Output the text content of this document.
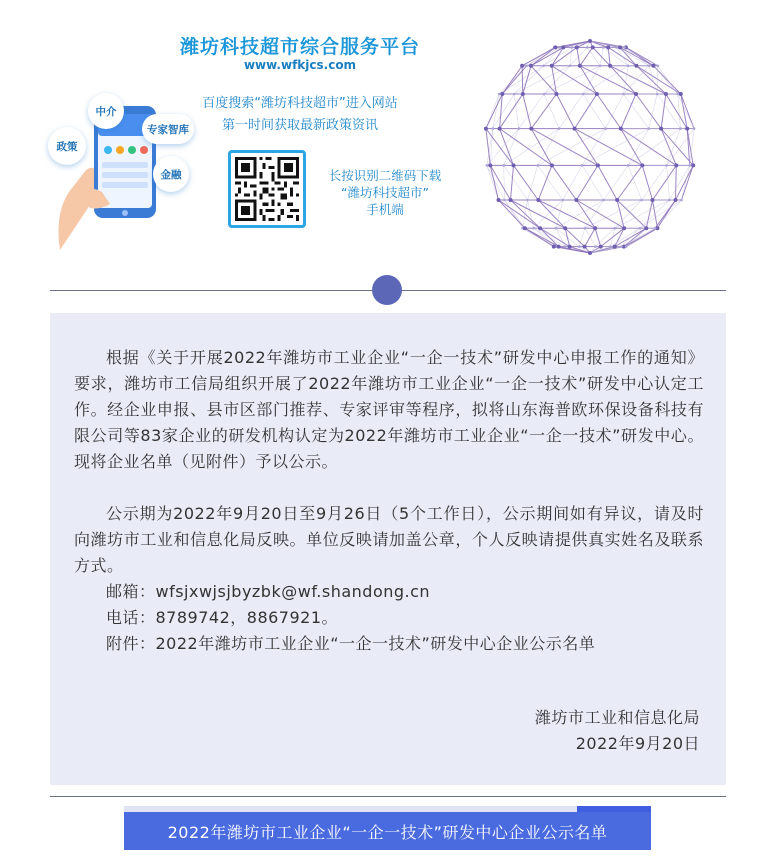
潍坊科技超市综合服务平台
www.wfkjcs.com
百度搜索“潍坊科技超市”进入网站
第一时间获取最新政策资讯
中介
政策
专家智库
金融	长按识别二维码下载
“潍坊科技超市”
手机端

根据《关于开展2022年潍坊市工业企业“一企一技术”研发中心申报工作的通知》要求，潍坊市工信局组织开展了2022年潍坊市工业企业“一企一技术”研发中心认定工作。经企业申报、县市区部门推荐、专家评审等程序，拟将山东海普欧环保设备科技有限公司等83家企业的研发机构认定为2022年潍坊市工业企业“一企一技术”研发中心。现将企业名单（见附件）予以公示。

公示期为2022年9月20日至9月26日（5个工作日），公示期间如有异议，请及时向潍坊市工业和信息化局反映。单位反映请加盖公章，个人反映请提供真实姓名及联系方式。

邮箱：wfsjxwjsjbyzbk@wf.shandong.cn

电话：8789742，8867921。

附件：2022年潍坊市工业企业“一企一技术”研发中心企业公示名单

潍坊市工业和信息化局
2022年9月20日
2022年潍坊市工业企业“一企一技术”研发中心企业公示名单
